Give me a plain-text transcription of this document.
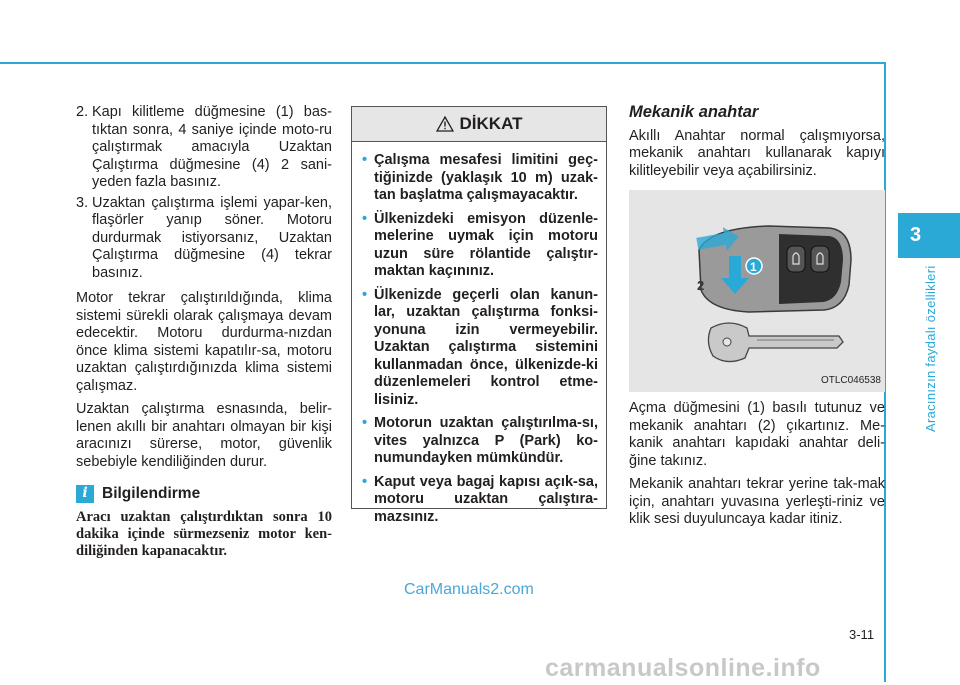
3
Aracınızın faydalı özellikleri
2. Kapı kilitleme düğmesine (1) bas-tıktan sonra, 4 saniye içinde moto-ru çalıştırmak amacıyla Uzaktan Çalıştırma düğmesine (4) 2 sani-yeden fazla basınız.
3. Uzaktan çalıştırma işlemi yapar-ken, flaşörler yanıp söner. Motoru durdurmak istiyorsanız, Uzaktan Çalıştırma düğmesine (4) tekrar basınız.

Motor tekrar çalıştırıldığında, klima sistemi sürekli olarak çalışmaya devam edecektir. Motoru durdurma-nızdan önce klima sistemi kapatılır-sa, motoru uzaktan çalıştırdığınızda klima sistemi çalışmaz.

Uzaktan çalıştırma esnasında, belir-lenen akıllı bir anahtarı olmayan bir kişi aracınızı sürerse, motor, güvenlik sebebiyle kendiliğinden durur.

i Bilgilendirme
Aracı uzaktan çalıştırdıktan sonra 10 dakika içinde sürmezseniz motor ken-diliğinden kapanacaktır.
DİKKAT
• Çalışma mesafesi limitini geç-tiğinizde (yaklaşık 10 m) uzak-tan başlatma çalışmayacaktır.
• Ülkenizdeki emisyon düzenle-melerine uymak için motoru uzun süre rölantide çalıştır-maktan kaçınınız.
• Ülkenizde geçerli olan kanun-lar, uzaktan çalıştırma fonksi-yonuna izin vermeyebilir. Uzaktan çalıştırma sistemini kullanmadan önce, ülkenizde-ki düzenlemeleri kontrol etme-lisiniz.
• Motorun uzaktan çalıştırılma-sı, vites yalnızca P (Park) ko-numundayken mümkündür.
• Kaput veya bagaj kapısı açık-sa, motoru uzaktan çalıştıra-mazsınız.
Mekanik anahtar

Akıllı Anahtar normal çalışmıyorsa, mekanik anahtarı kullanarak kapıyı kilitleyebilir veya açabilirsiniz.

1
2
OTLC046538

Açma düğmesini (1) basılı tutunuz ve mekanik anahtarı (2) çıkartınız. Me-kanik anahtarı kapıdaki anahtar deli-ğine takınız.

Mekanik anahtarı tekrar yerine tak-mak için, anahtarı yuvasına yerleşti-riniz ve klik sesi duyuluncaya kadar itiniz.

CarManuals2.com
3-11
carmanualsonline.info
